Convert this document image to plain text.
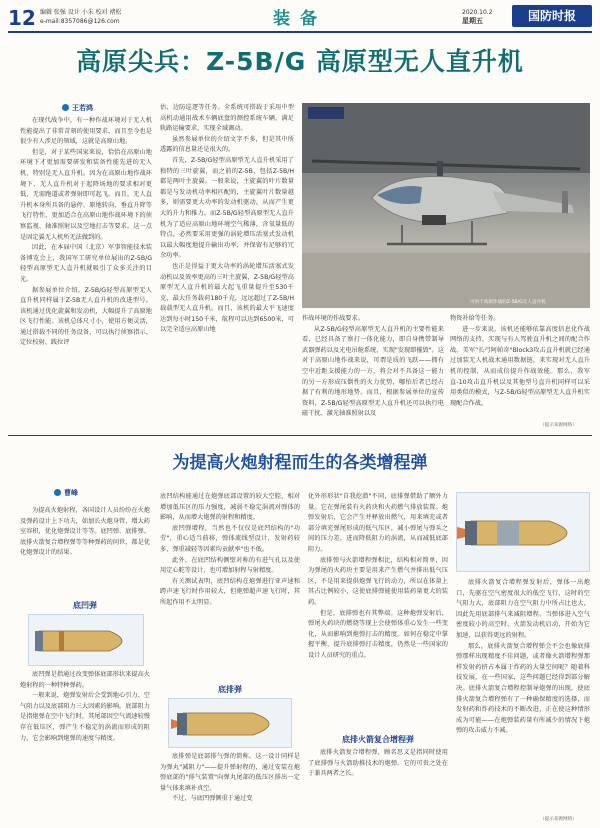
12 编辑 张强 设计 小朱 校对 褚松
e-mail:8357086@126.com	装备	2020.10.2
星期五	国防时报
高原尖兵：Z-5B/G 高原型无人直升机
王若鸿

在现代战争中，有一种作战环境对于无人机性能提出了非常苛刻的使用要求，而且至今也是很少有人涉足的领域，这就是高原山地。

但是，对于某些国家来说，恰恰在高原山地环境下才更加需要研发和装备性能先进的无人机，特别是无人直升机。因为在高原山地作战环境下，无人直升机对于起降场地的要求相对更低，无需跑道或者弹射即可起飞。而且，无人直升机本身所具备的悬停、原地转向、垂直升降等飞行特性，更加适合在高原山地作战环境下的侦察监视、轴准照射以及空地打击等要求。这一点是固定翼无人机所无法做到的。

因此，在本届中国（北京）军事智能技术装备博览会上，我国军工研究单位展出的Z-5B/G轻型高原型无人直升机就吸引了众多关注的目光。

据参展单位介绍，Z-5B/G轻型高原型无人直升机同样属于Z-5B无人直升机的改进型号。该机通过优化旋翼和发动机，大幅提升了高原地区飞行性能。该机总体尺寸小，使用方便灵活，通过搭载不同的任务设备，可以执行侦察指示、定位校射、践位评

估、边防巡逻等任务。全系统可搭载于采用中型高机动通用战术车辆底盘的测控系统车辆，满足轨路运输要求，实现全域调动。

虽然参展单位的介绍文字不多，但是其中所透露的信息量还是很大的。

首先，Z-5B/G轻型高原型无人直升机采用了独特的三叶旋翼，而之前的Z-5B，包括Z-5B/H都是两叶主旋翼。一般来说，主旋翼的叶片数量都是与发动机功率相匹配的，主旋翼叶片数量越多，则需要更大功率的发动机驱动，从而产生更大的升力和推力。而Z-5B/G轻型高原型无人直升机为了适应高原山地环境空气稀薄，含氧量低的特点，必然要采用更强的涡轮增压活塞式发动机以最大幅度地提升输出功率，并保留有足够的冗余功率。

也正是得益于更大功率的涡轮增压活塞式发动机以及效率更高的三叶主旋翼，Z-5B/G轻型高原型无人直升机的最大起飞重量提升至530千克，最大任务载荷180千克，远远超过了Z-5B/H载载型无人直升机。而且，该机的最大平飞速度达到每小时150千米，航程可以达到6500米，可以完全适应高原山地

可用于高原作战的Z-5B/G无人直升机

作战环境的作战要求。

从Z-5B/G轻型高原型无人直升机的主要性能来看，已经具备了察打一体化能力，即自身携带制导武器弹药以及光电吊舱系统，实现"发现即摧毁"。这对于高原山地作战来说，可谓是质的飞跃——拥有空中近距支援能力的一方，将会对不具备这一能力的另一方形成压倒性的火力优势，哪怕后者已经占据了有利的地形地势。而且，根据参展单位的宣传资料，Z-5B/G轻型高原型无人直升机还可以执行电磁干扰、激光轴准照射以及

物资补给等任务。

进一步来说，该机还能够依靠高度信息化作战网络的支持，实现与有人驾驶直升机之间的配合作战。美军"长弓阿帕奇"Block3攻击直升机就已经通过加装无人机战术通用数据链，来实现对无人直升机的控制，从而成倍提升作战效能。那么，我军直-10攻击直升机以及其他型号直升机同样可以采用类似的模式，与Z-5B/G轻型高原型无人直升机实现配合作战。

（提示来源网络）
为提高火炮射程而生的各类增程弹
曹峰

为提高火炮射程，各国设计人员纷纷在火炮及弹药设计上下功夫，如加长火炮身管，增大药室容积，优化炮弹设计等等。底凹弹、底排弹、底排火箭复合增程弹等等种弹药的问世，都是优化炮弹设计的结果。

底凹弹

底凹弹是指通过改变弹体底部形状来提高火炮射程的一种特种弹药。

一般来说，炮弹发射后会受到地心引力、空气阻力以及底部阻力三大因素的影响。底部阻力是指炮弹在空中飞行时，其尾部因空气流速较慢存在低压区，弹产生不稳定的涡流而形成的阻力，它会影响到炮弹的速度与精度。

底凹结构能通过在炮弹底部设置的较大空腔，相对增加低压区的压力强度，减弱不稳定涡流对弹体的影响，从而增大炮弹的射程和精度。

底凹弹增程，当然也不仅仅是底凹结构的"功劳"，重心适当前移，弹体流线型设计，发射药较多，弹重减轻等因素均贡献率"也不低。

此外，在底凹结构侧壁对称的有进气孔以及使用定心舵等设计，也可增加射程与射精度。

有关测试表明，底凹结构在炮弹进行亚声速和跨声速飞行时作用较大，但炮弹超声速飞行时，其所起作用不太明显。

底排弹

底排弹是底部排气弹的简称。这一设计同样是为弹丸"减阻力"——提升弹射程的，通过安装在炮弹底部的"排气装置"向弹丸尾部的低压区排出一定量气体来填补真空。

不过，与底凹弹侧重于通过变

化外形形状"自我挖潜"不同，底排弹借助了额外力量。它在弹尾装有火药块和火药燃气排放装置。炮弹发射后，它会产生并释放出燃气，用来填充或者部分填充弹尾形成的低气压区，减小弹尾与弹头之间的压力差，进而降低阻力的涡流，从而减低底部阻力。

底排弹与火箭增程弹相比，结构相对简单，因为弹尾的火药块主要是用来产生燃气并排出低气压区，不是用来提供炮弹飞行的动力，所以在体量上其占比例较小，这使底排弹能使用装药量更大的装药。

但是，底排弹也有其弊端。这种炮弹发射后，弹尾火药块的燃烧等现上会使弹体重心发生一些变化，从而影响到炮弹打击的精度。如何在稳定中掌握平衡，提升底排弹打击精度，仍然是一些国家的设计人员研究的重点。

底排火箭复合增程弹

底排火箭复合增程弹，顾名思义是指同时使用了底排弹与火箭助推技术的炮弹。它的可贵之处在于兼具两者之长。

底排火箭复合增程弹发射后，弹体一出炮口，先驱在空气密度很大的低空飞行，这时的空气阻力大，底部阻力在空气阻力中所占比也大，因此先用底部排气来减阻增程。当弹体进入空气密度较小的高空时，火箭发动机启动，开始为它加速，以获得更远的射程。

那么，底排火箭复合增程弹会不会也像底排弹那样出现精度不佳问题，或者像火箭增程弹那样发射药挤占本属于炸药的大量空间呢？随着科技发展，在一些国家，这些问题已经得到部分解决。底排火箭复合增程控制导炮弹的出现，使底排火箭复合增程弹有了一种确保精度的选择，而发射药和炸药技术的不断改进，正在使这种情形成为可能——在炮弹装药量有所减少的情况下炮弹的攻击威力不减。

（提示来源网络）
